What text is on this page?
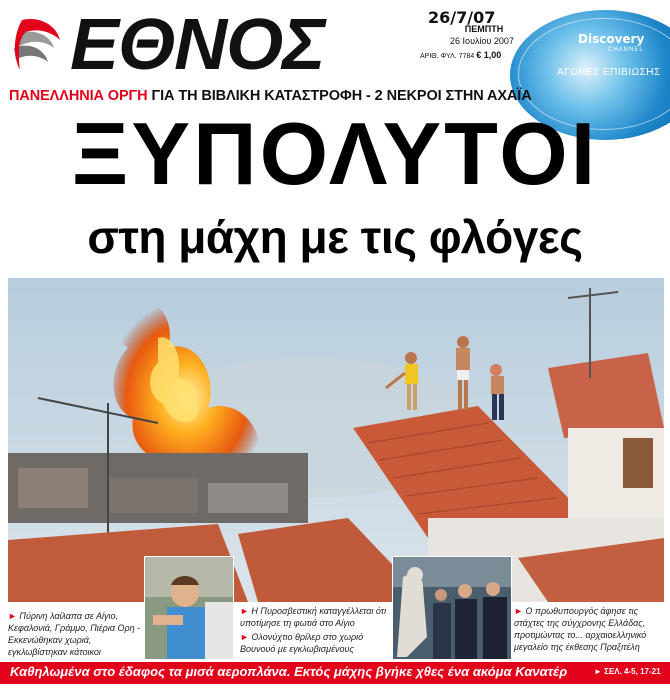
ΕΘΝΟΣ	26/7/07
ΠΕΜΠΤΗ
26 Ιουλίου 2007
ΑΡΙΘ. ΦΥΛ. 7784 € 1,00
Discovery
CHANNEL
ΑΓΩΝΕΣ ΕΠΙΒΙΩΣΗΣ
ΠΑΝΕΛΛΗΝΙΑ ΟΡΓΗ ΓΙΑ ΤΗ ΒΙΒΛΙΚΗ ΚΑΤΑΣΤΡΟΦΗ - 2 ΝΕΚΡΟΙ ΣΤΗΝ ΑΧΑΪΑ
ΞΥΠΟΛΥΤΟΙ
στη μάχη με τις φλόγες
► Πύρινη λαίλαπα σε Αίγιο, Κεφαλονιά, Γράμμο, Πιέρια Ορη - Εκκενώθηκαν χωριά, εγκλωβίστηκαν κάτοικοι
► Η Πυροσβεστική καταγγέλλεται ότι υποτίμησε τη φωτιά στο Αίγιο
► Ολονύχτιο θρίλερ στο χωριό Βουνουό με εγκλωβισμένους
► Ο πρωθυπουργός άφησε τις στάχτες της σύγχρονης Ελλάδας, προτιμώντας το... αρχαιοελληνικό μεγαλείο της έκθεσης Πραξιτέλη
Καθηλωμένα στο έδαφος τα μισά αεροπλάνα. Εκτός μάχης βγήκε χθες ένα ακόμα Κανατέρ	► ΣΕΛ. 4-5, 17-21
